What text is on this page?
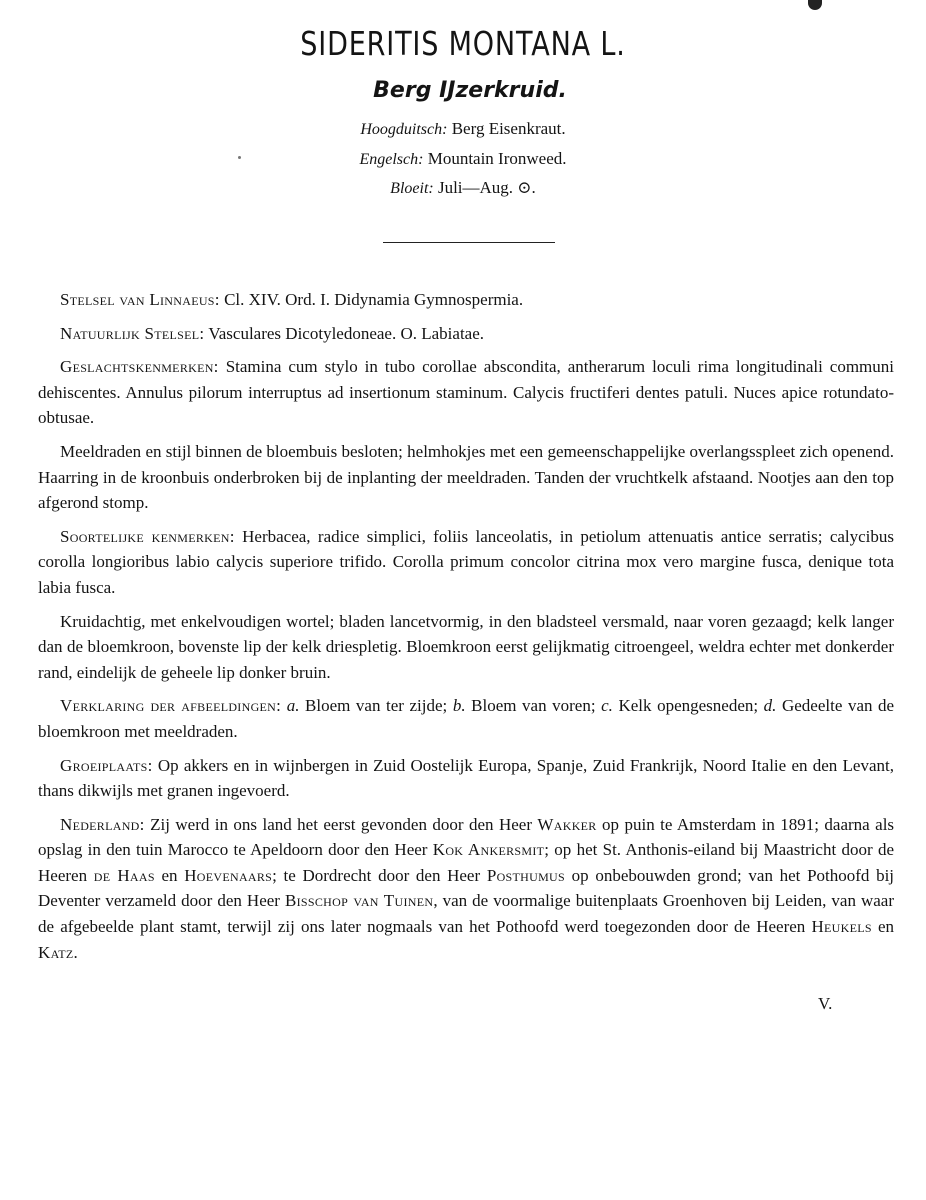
SIDERITIS MONTANA L.
Berg IJzerkruid.
Hoogduitsch: Berg Eisenkraut.
Engelsch: Mountain Ironweed.
Bloeit: Juli—Aug. ⊙.

Stelsel van Linnaeus: Cl. XIV. Ord. I. Didynamia Gymnospermia.

Natuurlijk Stelsel: Vasculares Dicotyledoneae. O. Labiatae.

Geslachtskenmerken: Stamina cum stylo in tubo corollae abscondita, antherarum loculi rima longitudinali communi dehiscentes. Annulus pilorum interruptus ad insertionum staminum. Calycis fructiferi dentes patuli. Nuces apice rotundato-obtusae.

Meeldraden en stijl binnen de bloembuis besloten; helmhokjes met een gemeenschappelijke overlangsspleet zich openend. Haarring in de kroonbuis onderbroken bij de inplanting der meeldraden. Tanden der vruchtkelk afstaand. Nootjes aan den top afgerond stomp.

Soortelijke kenmerken: Herbacea, radice simplici, foliis lanceolatis, in petiolum attenuatis antice serratis; calycibus corolla longioribus labio calycis superiore trifido. Corolla primum concolor citrina mox vero margine fusca, denique tota labia fusca.

Kruidachtig, met enkelvoudigen wortel; bladen lancetvormig, in den bladsteel versmald, naar voren gezaagd; kelk langer dan de bloemkroon, bovenste lip der kelk driespletig. Bloemkroon eerst gelijkmatig citroengeel, weldra echter met donkerder rand, eindelijk de geheele lip donker bruin.

Verklaring der afbeeldingen: a. Bloem van ter zijde; b. Bloem van voren; c. Kelk opengesneden; d. Gedeelte van de bloemkroon met meeldraden.

Groeiplaats: Op akkers en in wijnbergen in Zuid Oostelijk Europa, Spanje, Zuid Frankrijk, Noord Italie en den Levant, thans dikwijls met granen ingevoerd.

Nederland: Zij werd in ons land het eerst gevonden door den Heer Wakker op puin te Amsterdam in 1891; daarna als opslag in den tuin Marocco te Apeldoorn door den Heer Kok Ankersmit; op het St. Anthonis-eiland bij Maastricht door de Heeren de Haas en Hoevenaars; te Dordrecht door den Heer Posthumus op onbebouwden grond; van het Pothoofd bij Deventer verzameld door den Heer Bisschop van Tuinen, van de voormalige buitenplaats Groenhoven bij Leiden, van waar de afgebeelde plant stamt, terwijl zij ons later nogmaals van het Pothoofd werd toegezonden door de Heeren Heukels en Katz.

V.
